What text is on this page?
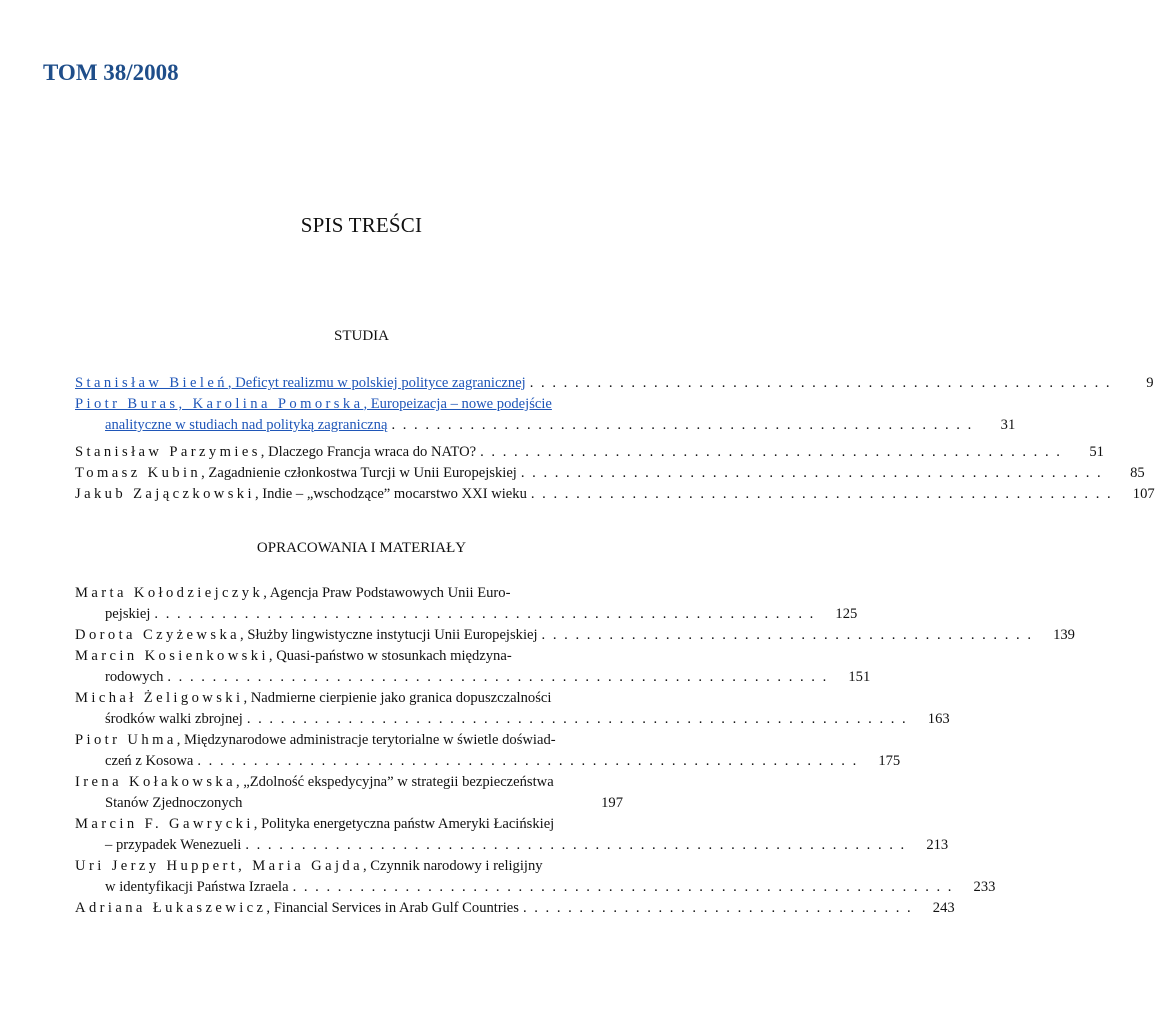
TOM 38/2008
SPIS TREŚCI
STUDIA
Stanisław Bieleń, Deficyt realizmu w polskiej polityce zagranicznej . . . . . . . . . . . . . . . . . . . . . . . . . . . . . . . . . . . . . . . . . . . . . . . . . . . .	9
Piotr Buras, Karolina Pomorska, Europeizacja – nowe podejście
analityczne w studiach nad polityką zagraniczną . . . . . . . . . . . . . . . . . . . . . . . . . . . . . . . . . . . . . . . . . . . . . . . . . . . .	31
Stanisław Parzymies, Dlaczego Francja wraca do NATO? . . . . . . . . . . . . . . . . . . . . . . . . . . . . . . . . . . . . . . . . . . . . . . . . . . . .	51
Tomasz Kubin, Zagadnienie członkostwa Turcji w Unii Europejskiej . . . . . . . . . . . . . . . . . . . . . . . . . . . . . . . . . . . . . . . . . . . . . . . . . . . .	85
Jakub Zajączkowski, Indie – „wschodzące” mocarstwo XXI wieku . . . . . . . . . . . . . . . . . . . . . . . . . . . . . . . . . . . . . . . . . . . . . . . . . . . .	107
OPRACOWANIA I MATERIAŁY
Marta Kołodziejczyk, Agencja Praw Podstawowych Unii Euro-
pejskiej . . . . . . . . . . . . . . . . . . . . . . . . . . . . . . . . . . . . . . . . . . . . . . . . . . . . . . . . . . .	125
Dorota Czyżewska, Służby lingwistyczne instytucji Unii Europejskiej . . . . . . . . . . . . . . . . . . . . . . . . . . . . . . . . . . . . . . . . . . . .	139
Marcin Kosienkowski, Quasi-państwo w stosunkach międzyna-
rodowych . . . . . . . . . . . . . . . . . . . . . . . . . . . . . . . . . . . . . . . . . . . . . . . . . . . . . . . . . . .	151
Michał Żeligowski, Nadmierne cierpienie jako granica dopuszczalności
środków walki zbrojnej . . . . . . . . . . . . . . . . . . . . . . . . . . . . . . . . . . . . . . . . . . . . . . . . . . . . . . . . . . .	163
Piotr Uhma, Międzynarodowe administracje terytorialne w świetle doświad-
czeń z Kosowa . . . . . . . . . . . . . . . . . . . . . . . . . . . . . . . . . . . . . . . . . . . . . . . . . . . . . . . . . . .	175
Irena Kołakowska, „Zdolność ekspedycyjna” w strategii bezpieczeństwa
Stanów Zjednoczonych	197
Marcin F. Gawrycki, Polityka energetyczna państw Ameryki Łacińskiej
– przypadek Wenezueli . . . . . . . . . . . . . . . . . . . . . . . . . . . . . . . . . . . . . . . . . . . . . . . . . . . . . . . . . . .	213
Uri Jerzy Huppert, Maria Gajda, Czynnik narodowy i religijny
w identyfikacji Państwa Izraela . . . . . . . . . . . . . . . . . . . . . . . . . . . . . . . . . . . . . . . . . . . . . . . . . . . . . . . . . . .	233
Adriana Łukaszewicz, Financial Services in Arab Gulf Countries . . . . . . . . . . . . . . . . . . . . . . . . . . . . . . . . . . .	243
